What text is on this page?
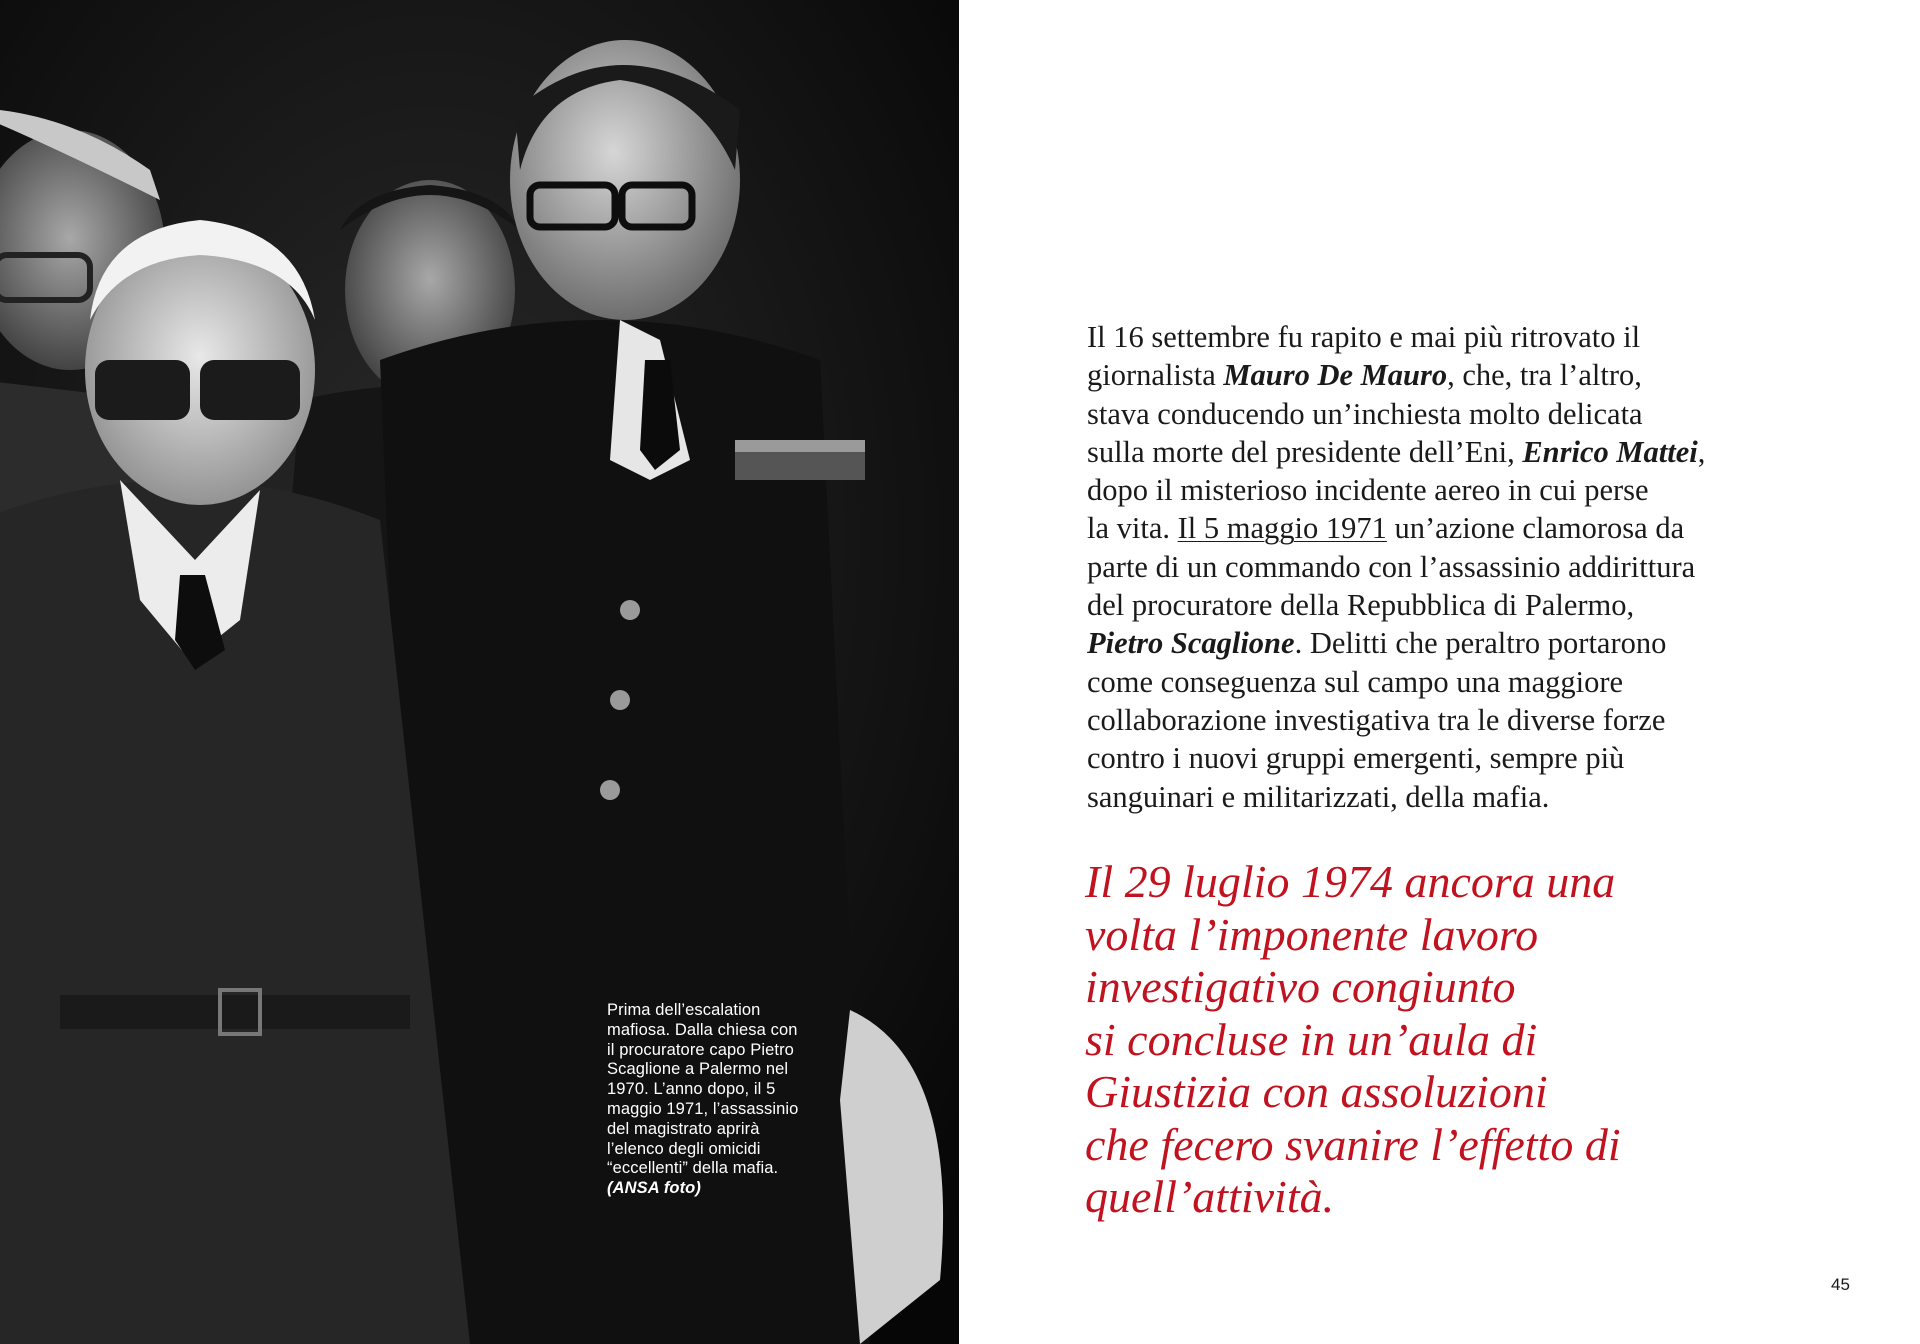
Prima dell’escalation
mafiosa. Dalla chiesa con
il procuratore capo Pietro
Scaglione a Palermo nel
1970. L’anno dopo, il 5
maggio 1971, l’assassinio
del magistrato aprirà
l’elenco degli omicidi
“eccellenti” della mafia.
(ANSA foto)
Il 16 settembre fu rapito e mai più ritrovato il
giornalista Mauro De Mauro, che, tra l’altro,
stava conducendo un’inchiesta molto delicata
sulla morte del presidente dell’Eni, Enrico Mattei,
dopo il misterioso incidente aereo in cui perse
la vita. Il 5 maggio 1971 un’azione clamorosa da
parte di un commando con l’assassinio addirittura
del procuratore della Repubblica di Palermo,
Pietro Scaglione. Delitti che peraltro portarono
come conseguenza sul campo una maggiore
collaborazione investigativa tra le diverse forze
contro i nuovi gruppi emergenti, sempre più
sanguinari e militarizzati, della mafia.
Il 29 luglio 1974 ancora una
volta l’imponente lavoro
investigativo congiunto
si concluse in un’aula di
Giustizia con assoluzioni
che fecero svanire l’effetto di
quell’attività.
45
